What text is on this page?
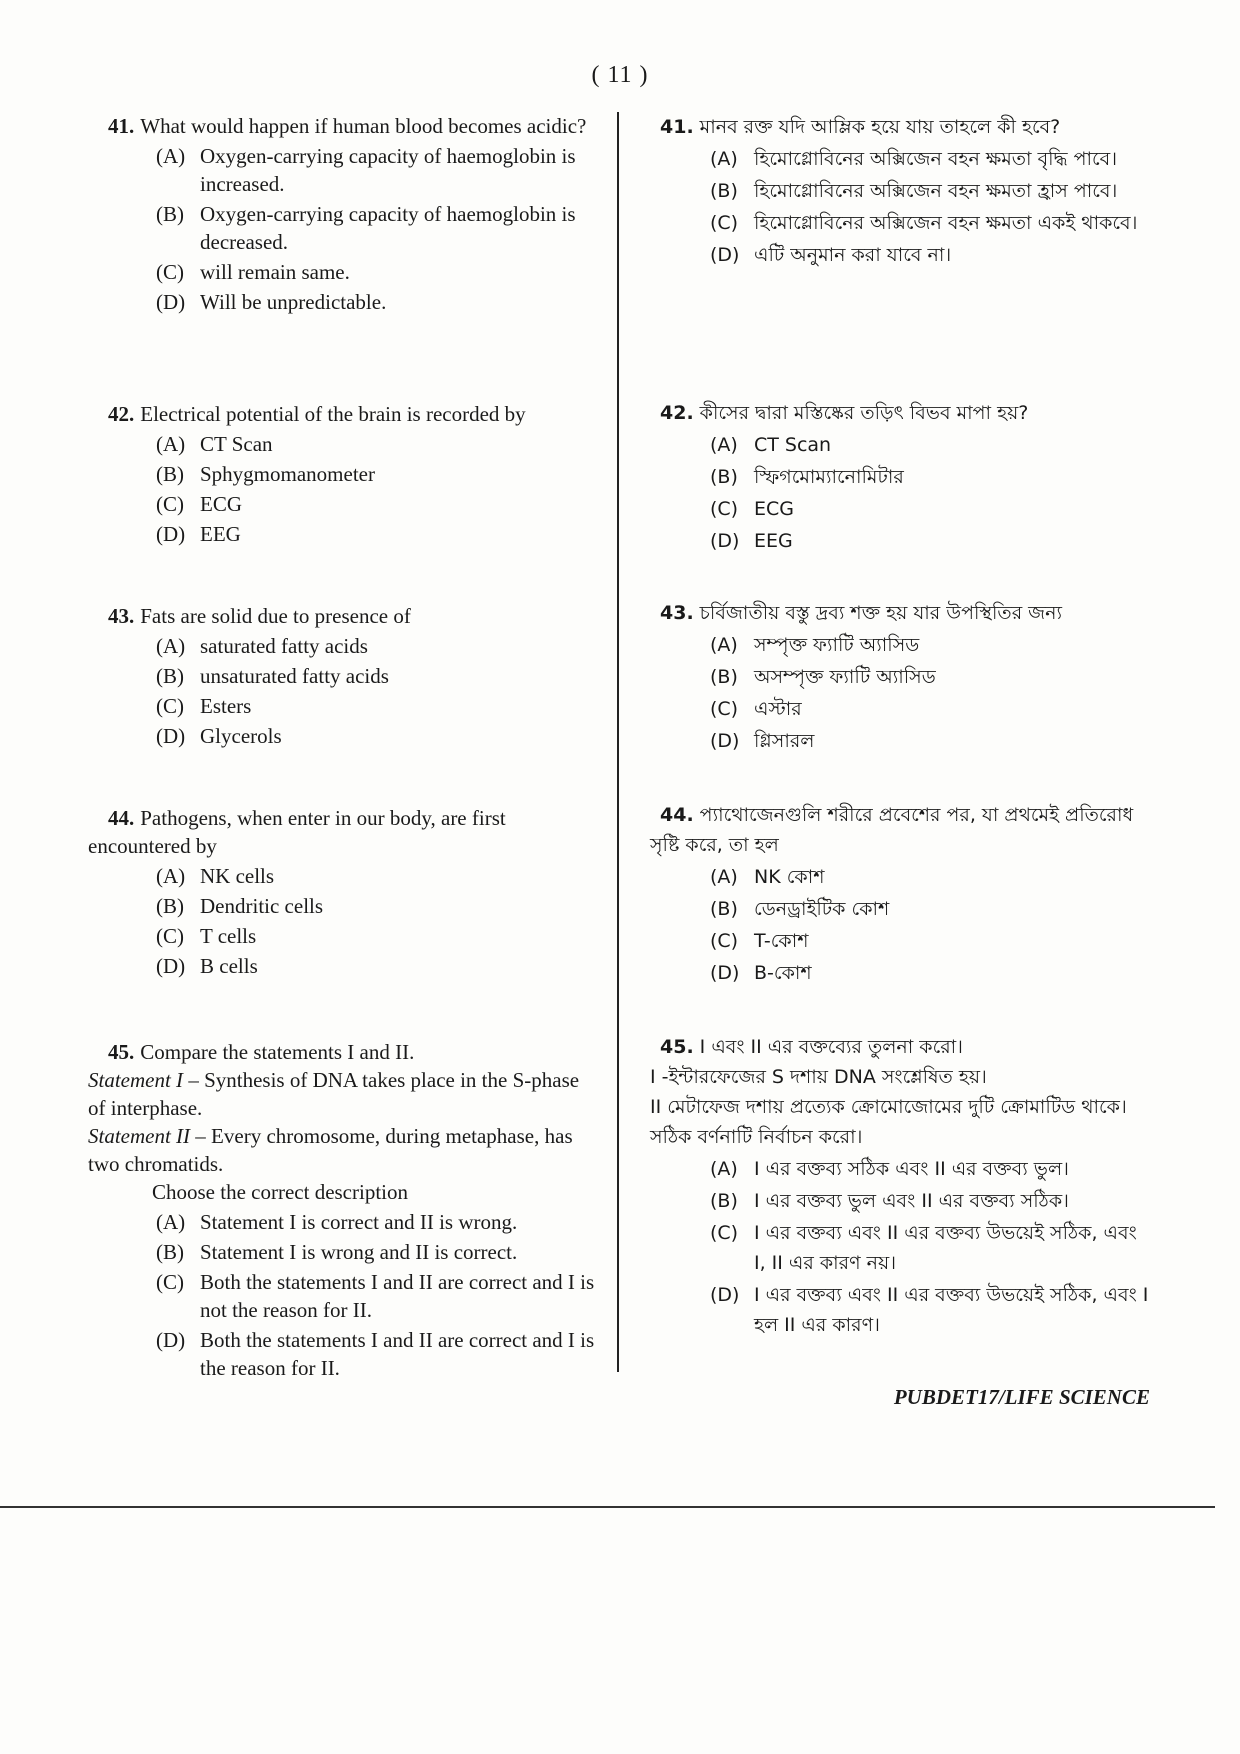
( 11 )

41. What would happen if human blood becomes acidic?

(A) Oxygen-carrying capacity of haemoglobin is increased.
(B) Oxygen-carrying capacity of haemoglobin is decreased.
(C) will remain same.
(D) Will be unpredictable.

42. Electrical potential of the brain is recorded by

(A) CT Scan
(B) Sphygmomanometer
(C) ECG
(D) EEG

43. Fats are solid due to presence of

(A) saturated fatty acids
(B) unsaturated fatty acids
(C) Esters
(D) Glycerols

44. Pathogens, when enter in our body, are first encountered by

(A) NK cells
(B) Dendritic cells
(C) T cells
(D) B cells

45. Compare the statements I and II.

Statement I – Synthesis of DNA takes place in the S-phase of interphase.

Statement II – Every chromosome, during metaphase, has two chromatids.

Choose the correct description

(A) Statement I is correct and II is wrong.
(B) Statement I is wrong and II is correct.
(C) Both the statements I and II are correct and I is not the reason for II.
(D) Both the statements I and II are correct and I is the reason for II.

41. মানব রক্ত যদি আম্লিক হয়ে যায় তাহলে কী হবে?

(A) হিমোগ্লোবিনের অক্সিজেন বহন ক্ষমতা বৃদ্ধি পাবে।
(B) হিমোগ্লোবিনের অক্সিজেন বহন ক্ষমতা হ্রাস পাবে।
(C) হিমোগ্লোবিনের অক্সিজেন বহন ক্ষমতা একই থাকবে।
(D) এটি অনুমান করা যাবে না।

42. কীসের দ্বারা মস্তিষ্কের তড়িৎ বিভব মাপা হয়?

(A) CT Scan
(B) স্ফিগমোম্যানোমিটার
(C) ECG
(D) EEG

43. চর্বিজাতীয় বস্তু দ্রব্য শক্ত হয় যার উপস্থিতির জন্য

(A) সম্পৃক্ত ফ্যাটি অ্যাসিড
(B) অসম্পৃক্ত ফ্যাটি অ্যাসিড
(C) এস্টার
(D) গ্লিসারল

44. প্যাথোজেনগুলি শরীরে প্রবেশের পর, যা প্রথমেই প্রতিরোধ সৃষ্টি করে, তা হল

(A) NK কোশ
(B) ডেনড্রাইটিক কোশ
(C) T-কোশ
(D) B-কোশ

45. I এবং II এর বক্তব্যের তুলনা করো।

I -ইন্টারফেজের S দশায় DNA সংশ্লেষিত হয়।

II মেটাফেজ দশায় প্রত্যেক ক্রোমোজোমের দুটি ক্রোমাটিড থাকে।

সঠিক বর্ণনাটি নির্বাচন করো।

(A) I এর বক্তব্য সঠিক এবং II এর বক্তব্য ভুল।
(B) I এর বক্তব্য ভুল এবং II এর বক্তব্য সঠিক।
(C) I এর বক্তব্য এবং II এর বক্তব্য উভয়েই সঠিক, এবং I, II এর কারণ নয়।
(D) I এর বক্তব্য এবং II এর বক্তব্য উভয়েই সঠিক, এবং I হল II এর কারণ।
PUBDET17/LIFE SCIENCE
